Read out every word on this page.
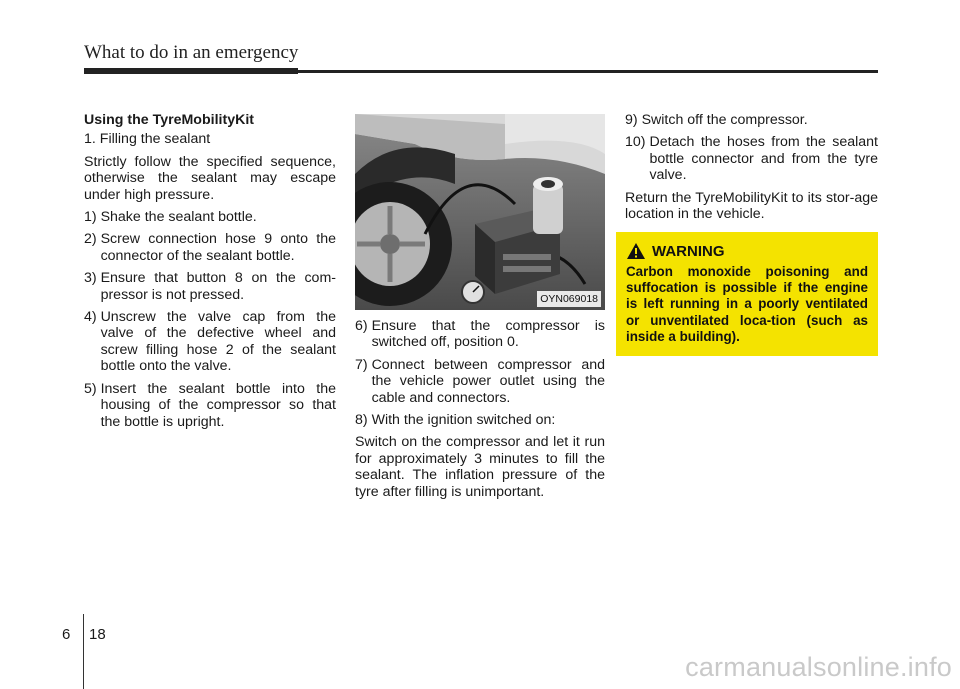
What to do in an emergency

Using the TyreMobilityKit

1. Filling the sealant

Strictly follow the specified sequence, otherwise the sealant may escape under high pressure.

1) Shake the sealant bottle.
2) Screw connection hose 9 onto the connector of the sealant bottle.
3) Ensure that button 8 on the com-pressor is not pressed.
4) Unscrew the valve cap from the valve of the defective wheel and screw filling hose 2 of the sealant bottle onto the valve.
5) Insert the sealant bottle into the housing of the compressor so that the bottle is upright.
OYN069018
6) Ensure that the compressor is switched off, position 0.
7) Connect between compressor and the vehicle power outlet using the cable and connectors.
8) With the ignition switched on:

Switch on the compressor and let it run for approximately 3 minutes to fill the sealant. The inflation pressure of the tyre after filling is unimportant.

9) Switch off the compressor.
10) Detach the hoses from the sealant bottle connector and from the tyre valve.

Return the TyreMobilityKit to its stor-age location in the vehicle.

WARNING
Carbon monoxide poisoning and suffocation is possible if the engine is left running in a poorly ventilated or unventilated loca-tion (such as inside a building).
6 18
carmanualsonline.info
